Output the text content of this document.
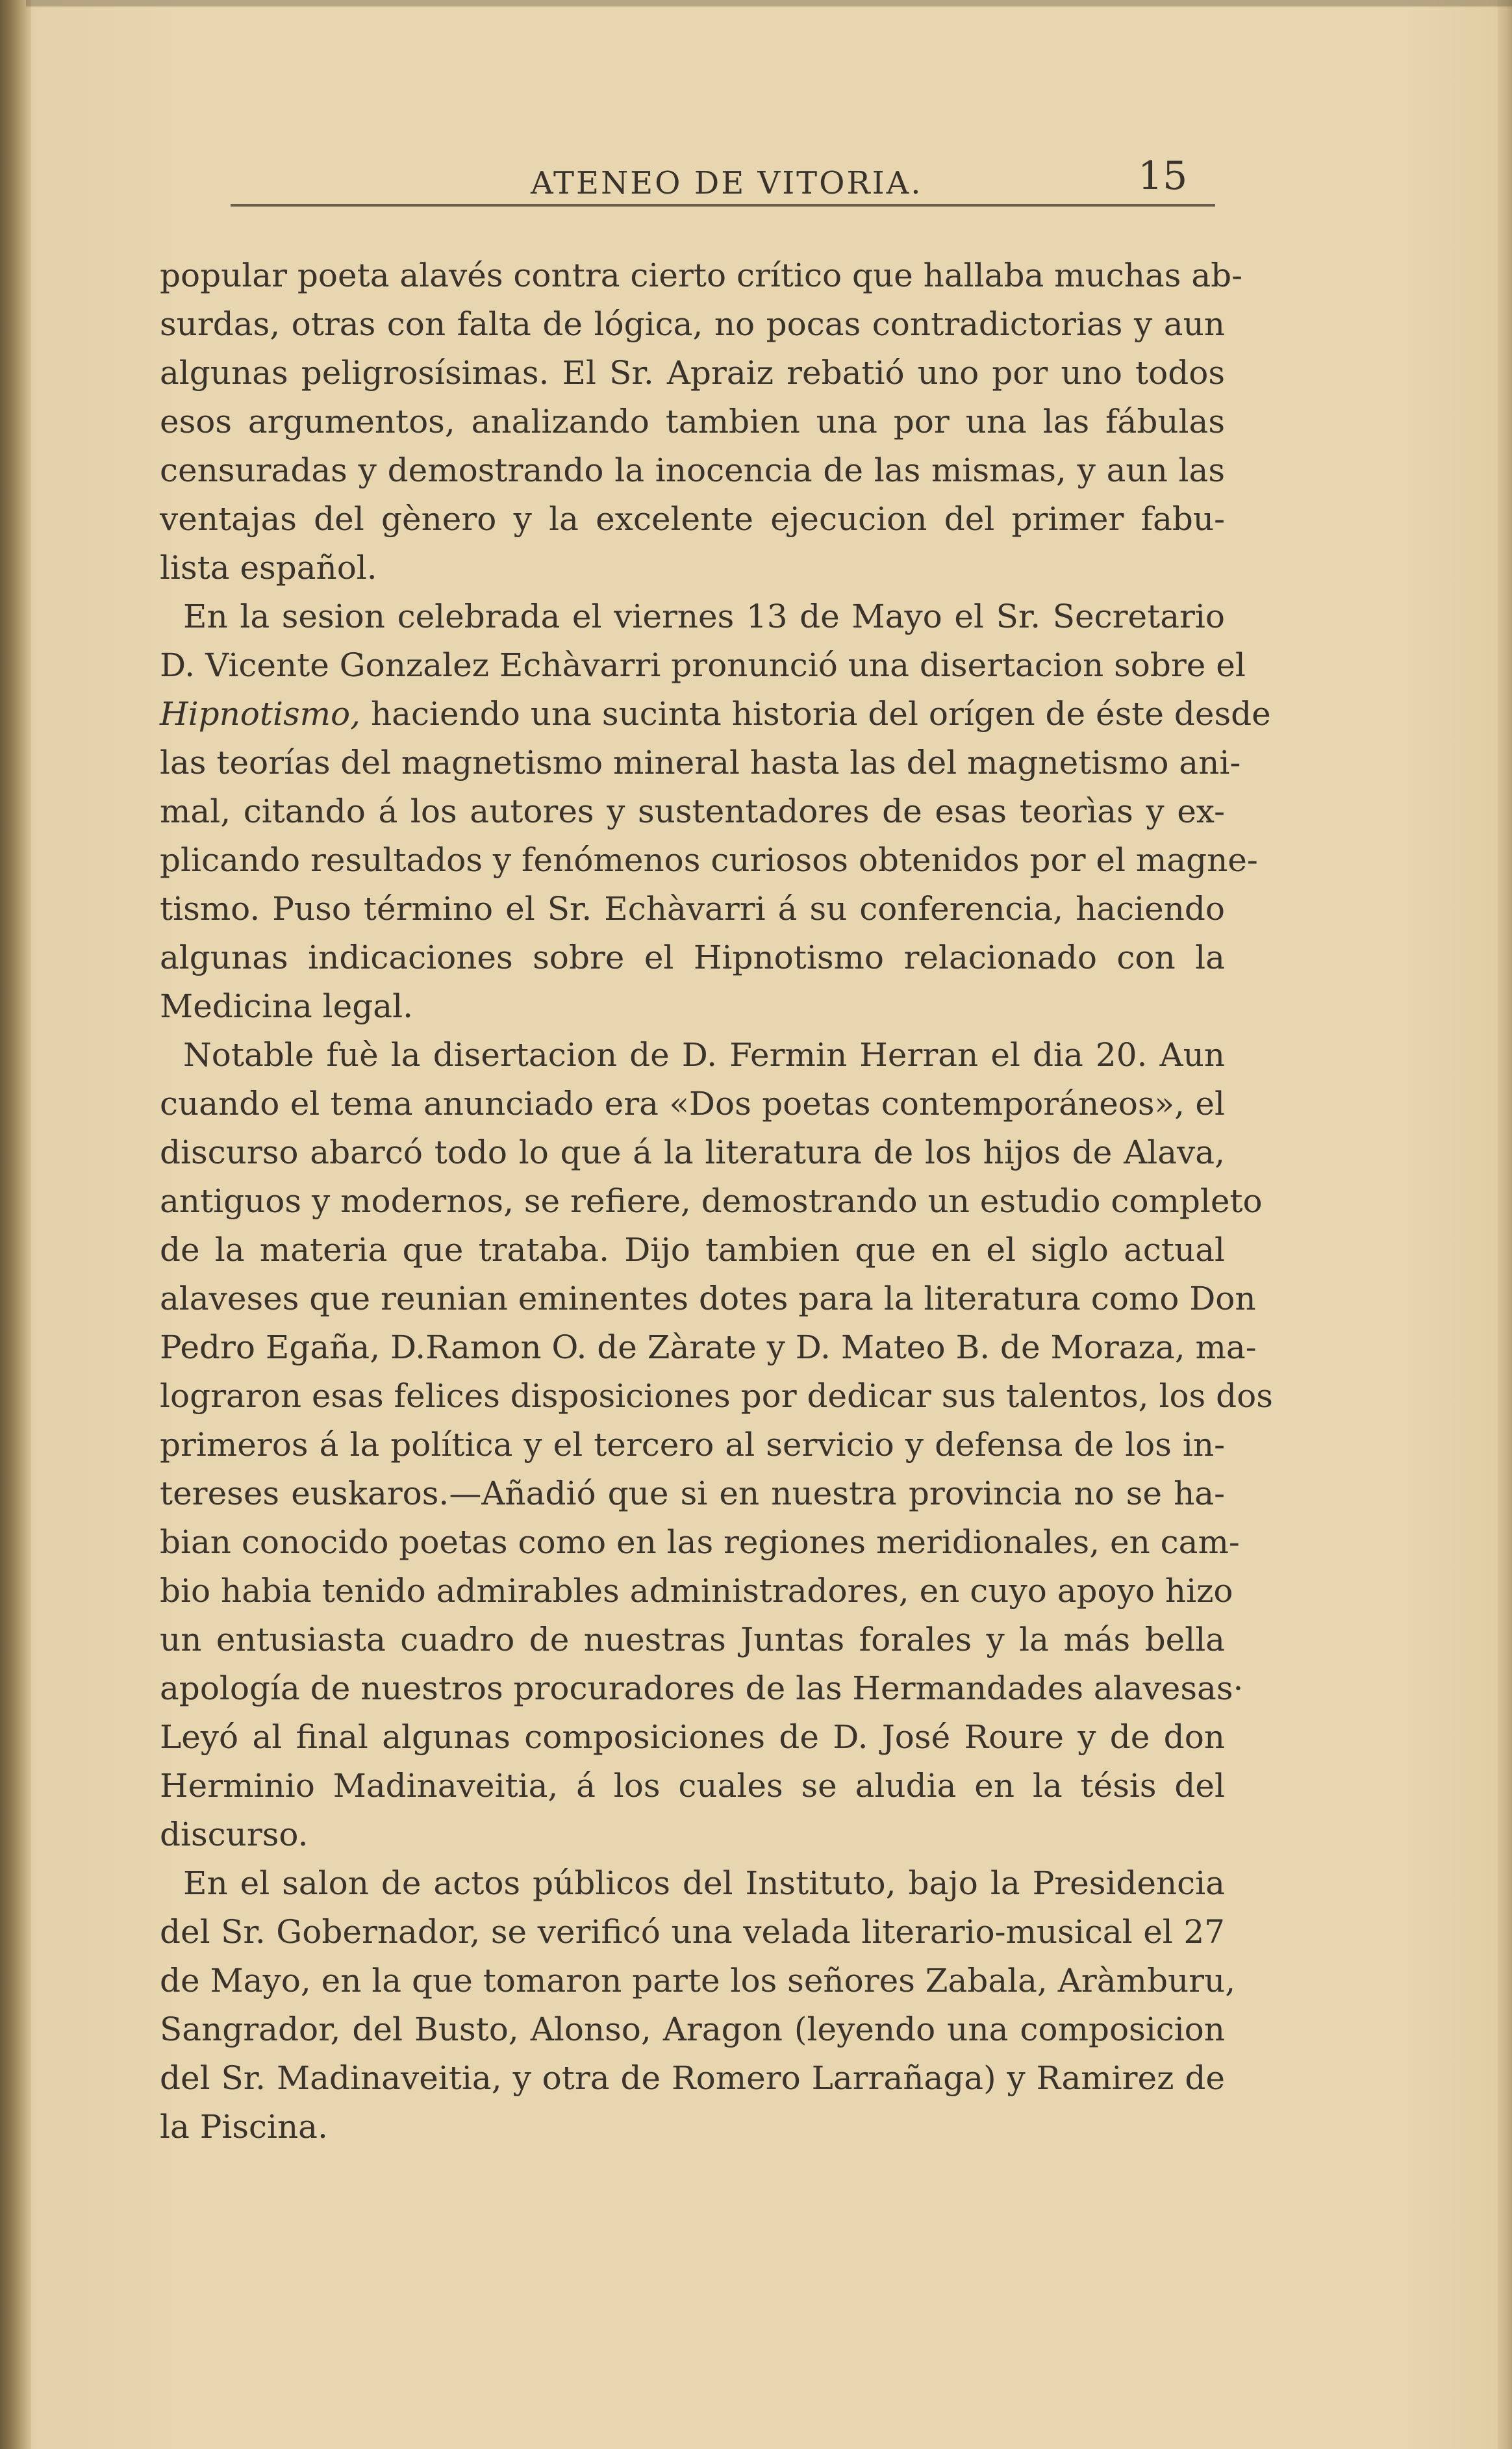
ATENEO DE VITORIA.	15
popular poeta alavés contra cierto crítico que hallaba muchas ab-
surdas, otras con falta de lógica, no pocas contradictorias y aun
algunas peligrosísimas. El Sr. Apraiz rebatió uno por uno todos
esos argumentos, analizando tambien una por una las fábulas
censuradas y demostrando la inocencia de las mismas, y aun las
ventajas del gènero y la excelente ejecucion del primer fabu-
lista español.
En la sesion celebrada el viernes 13 de Mayo el Sr. Secretario
D. Vicente Gonzalez Echàvarri pronunció una disertacion sobre el
Hipnotismo, haciendo una sucinta historia del orígen de éste desde
las teorías del magnetismo mineral hasta las del magnetismo ani-
mal, citando á los autores y sustentadores de esas teorìas y ex-
plicando resultados y fenómenos curiosos obtenidos por el magne-
tismo. Puso término el Sr. Echàvarri á su conferencia, haciendo
algunas indicaciones sobre el Hipnotismo relacionado con la
Medicina legal.
Notable fuè la disertacion de D. Fermin Herran el dia 20. Aun
cuando el tema anunciado era «Dos poetas contemporáneos», el
discurso abarcó todo lo que á la literatura de los hijos de Alava,
antiguos y modernos, se refiere, demostrando un estudio completo
de la materia que trataba. Dijo tambien que en el siglo actual
alaveses que reunian eminentes dotes para la literatura como Don
Pedro Egaña, D.Ramon O. de Zàrate y D. Mateo B. de Moraza, ma-
lograron esas felices disposiciones por dedicar sus talentos, los dos
primeros á la política y el tercero al servicio y defensa de los in-
tereses euskaros.—Añadió que si en nuestra provincia no se ha-
bian conocido poetas como en las regiones meridionales, en cam-
bio habia tenido admirables administradores, en cuyo apoyo hizo
un entusiasta cuadro de nuestras Juntas forales y la más bella
apología de nuestros procuradores de las Hermandades alavesas·
Leyó al final algunas composiciones de D. José Roure y de don
Herminio Madinaveitia, á los cuales se aludia en la tésis del
discurso.
En el salon de actos públicos del Instituto, bajo la Presidencia
del Sr. Gobernador, se verificó una velada literario-musical el 27
de Mayo, en la que tomaron parte los señores Zabala, Aràmburu,
Sangrador, del Busto, Alonso, Aragon (leyendo una composicion
del Sr. Madinaveitia, y otra de Romero Larrañaga) y Ramirez de
la Piscina.
